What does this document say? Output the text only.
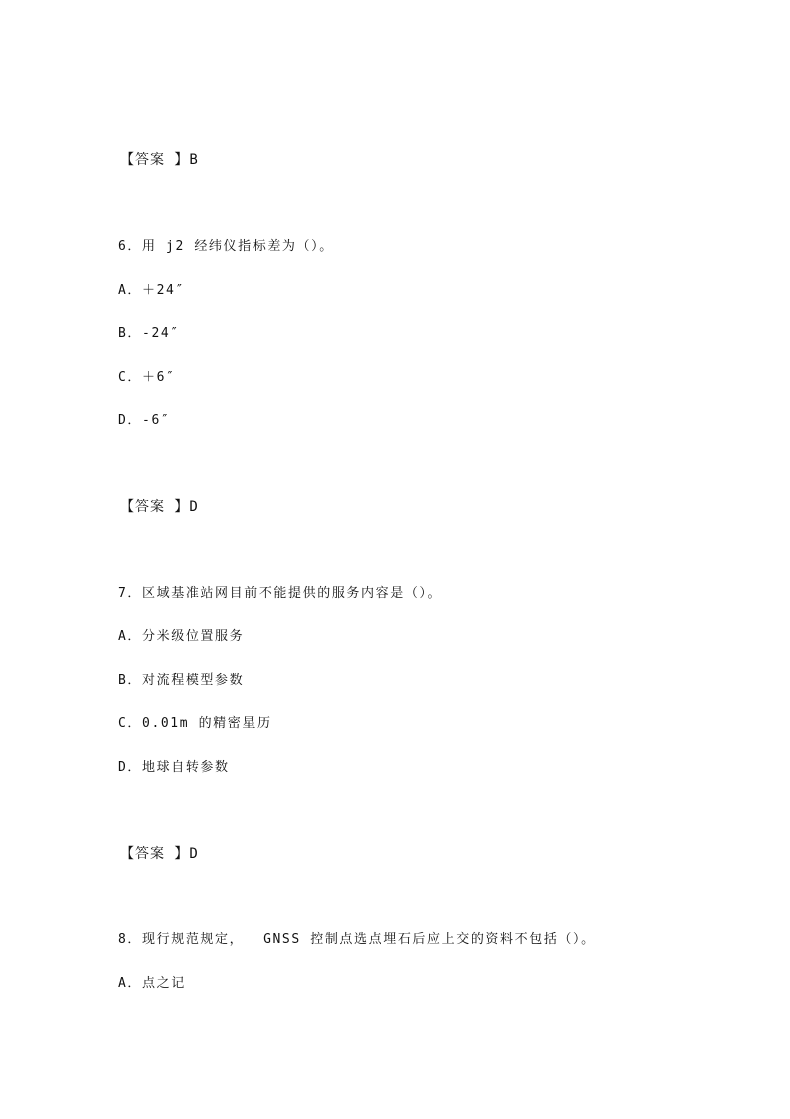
【答案 】B
6．用 j2 经纬仪指标差为（）。
A．＋24″
B．-24″
C．＋6″
D．-6″
【答案 】D
7．区域基准站网目前不能提供的服务内容是（）。
A．分米级位置服务
B．对流程模型参数
C．0.01m 的精密星历
D．地球自转参数
【答案 】D
8．现行规范规定，  GNSS 控制点选点埋石后应上交的资料不包括（）。
A．点之记
